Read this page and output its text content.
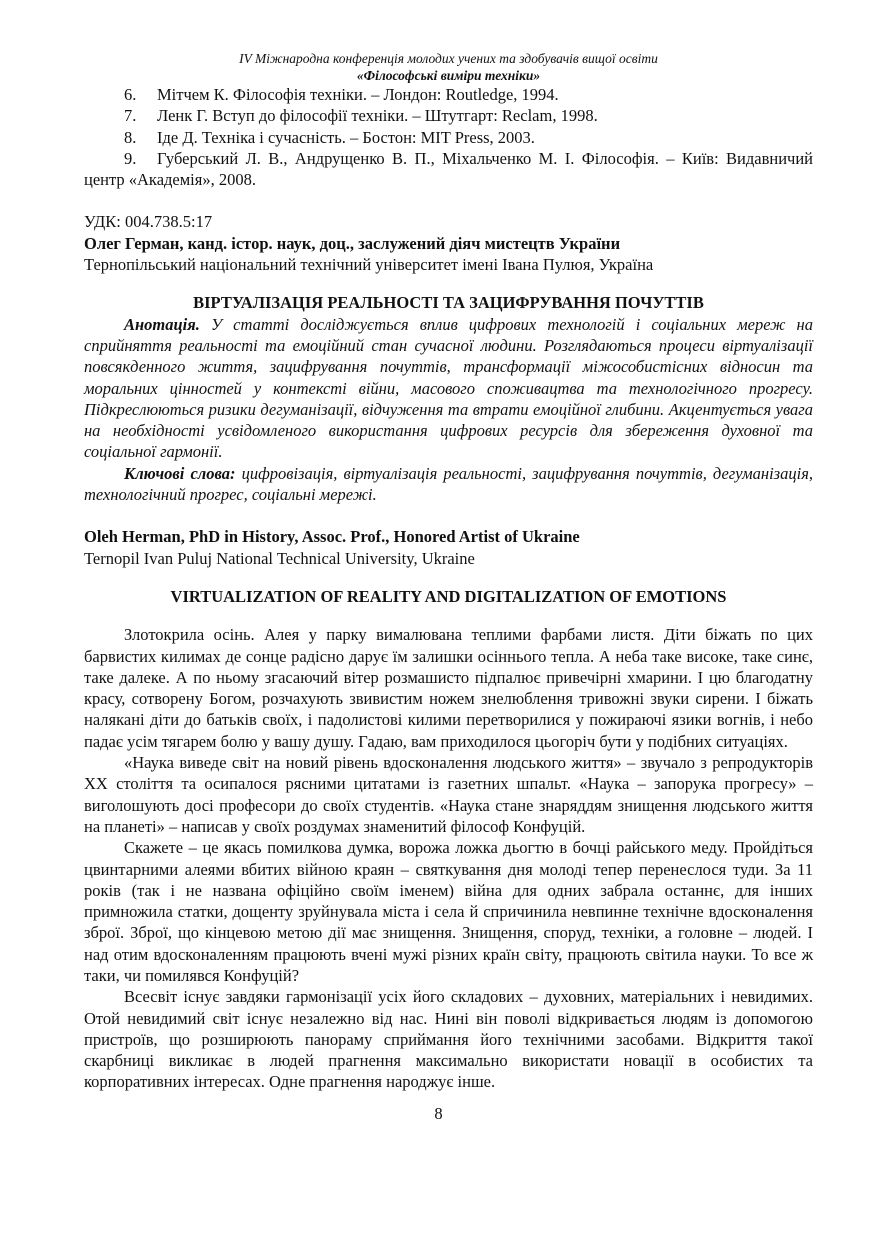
IV Міжнародна конференція молодих учених та здобувачів вищої освіти
«Філософські виміри техніки»
6.	Мітчем К. Філософія техніки. – Лондон: Routledge, 1994.
7.	Ленк Г. Вступ до філософії техніки. – Штутгарт: Reclam, 1998.
8.	Іде Д. Техніка і сучасність. – Бостон: MIT Press, 2003.
9. Губерський Л. В., Андрущенко В. П., Міхальченко М. І. Філософія. – Київ: Видавничий центр «Академія», 2008.
УДК: 004.738.5:17
Олег Герман, канд. істор. наук, доц., заслужений діяч мистецтв України
Тернопільський національний технічний університет імені Івана Пулюя, Україна
ВІРТУАЛІЗАЦІЯ РЕАЛЬНОСТІ ТА ЗАЦИФРУВАННЯ ПОЧУТТІВ

Анотація. У статті досліджується вплив цифрових технологій і соціальних мереж на сприйняття реальності та емоційний стан сучасної людини. Розглядаються процеси віртуалізації повсякденного життя, зацифрування почуттів, трансформації міжособистісних відносин та моральних цінностей у контексті війни, масового споживацтва та технологічного прогресу. Підкреслюються ризики дегуманізації, відчуження та втрати емоційної глибини. Акцентується увага на необхідності усвідомленого використання цифрових ресурсів для збереження духовної та соціальної гармонії.

Ключові слова: цифровізація, віртуалізація реальності, зацифрування почуттів, дегуманізація, технологічний прогрес, соціальні мережі.

Oleh Herman, PhD in History, Assoc. Prof., Honored Artist of Ukraine
Ternopil Ivan Puluj National Technical University, Ukraine
VIRTUALIZATION OF REALITY AND DIGITALIZATION OF EMOTIONS

Злотокрила осінь. Алея у парку вималювана теплими фарбами листя. Діти біжать по цих барвистих килимах де сонце радісно дарує їм залишки осіннього тепла. А неба таке високе, таке синє, таке далеке. А по ньому згасаючий вітер розмашисто підпалює привечірні хмарини. І цю благодатну красу, сотворену Богом, розчахують звивистим ножем знелюблення тривожні звуки сирени. І біжать налякані діти до батьків своїх, і падолистові килими перетворилися у пожираючі язики вогнів, і небо падає усім тягарем болю у вашу душу. Гадаю, вам приходилося цьогоріч бути у подібних ситуаціях.

«Наука виведе світ на новий рівень вдосконалення людського життя» – звучало з репродукторів ХХ століття та осипалося рясними цитатами із газетних шпальт. «Наука – запорука прогресу» – виголошують досі професори до своїх студентів. «Наука стане знаряддям знищення людського життя на планеті» – написав у своїх роздумах знаменитий філософ Конфуцій.

Скажете – це якась помилкова думка, ворожа ложка дьогтю в бочці райського меду. Пройдіться цвинтарними алеями вбитих війною краян – святкування дня молоді тепер перенеслося туди. За 11 років (так і не названа офіційно своїм іменем) війна для одних забрала останнє, для інших примножила статки, дощенту зруйнувала міста і села й спричинила невпинне технічне вдосконалення зброї. Зброї, що кінцевою метою дії має знищення. Знищення, споруд, техніки, а головне – людей. І над отим вдосконаленням працюють вчені мужі різних країн світу, працюють світила науки. То все ж таки, чи помилявся Конфуцій?

Всесвіт існує завдяки гармонізації усіх його складових – духовних, матеріальних і невидимих. Отой невидимий світ існує незалежно від нас. Нині він поволі відкривається людям із допомогою пристроїв, що розширюють панораму сприймання його технічними засобами. Відкриття такої скарбниці викликає в людей прагнення максимально використати новації в особистих та корпоративних інтересах. Одне прагнення народжує інше.

8
